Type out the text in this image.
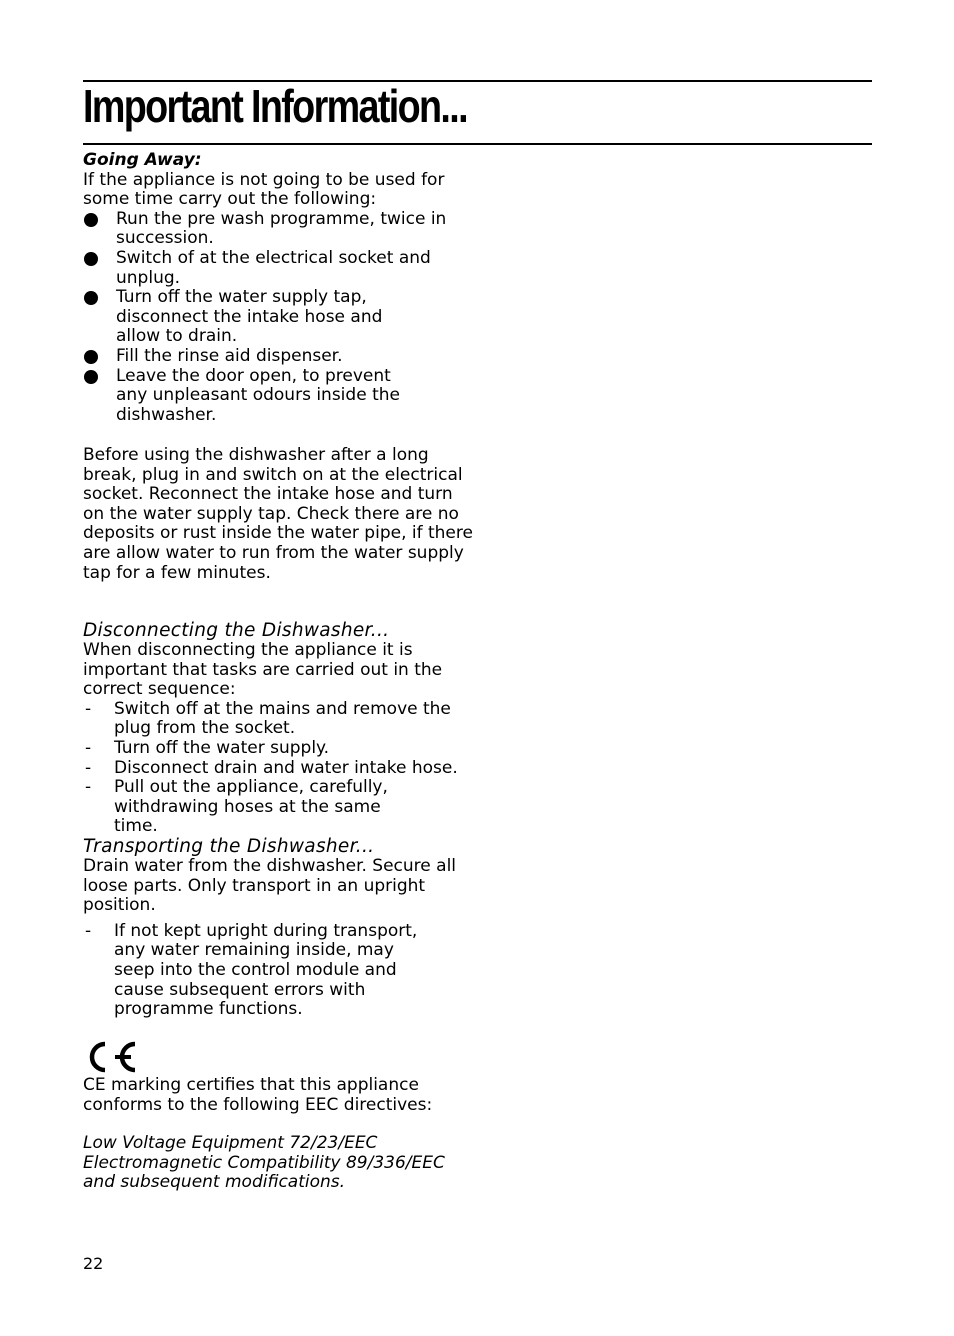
Important Information...

Going Away:

If the appliance is not going to be used for some time carry out the following:

Run the pre wash programme, twice in succession.
Switch of at the electrical socket and unplug.
Turn off the water supply tap, disconnect the intake hose and allow to drain.
Fill the rinse aid dispenser.
Leave the door open, to prevent any unpleasant odours inside the dishwasher.

Before using the dishwasher after a long break, plug in and switch on at the electrical socket. Reconnect the intake hose and turn on the water supply tap. Check there are no deposits or rust inside the water pipe, if there are allow water to run from the water supply tap for a few minutes.

Disconnecting the Dishwasher...

When disconnecting the appliance it is important that tasks are carried out in the correct sequence:

- Switch off at the mains and remove the plug from the socket.
- Turn off the water supply.
- Disconnect drain and water intake hose.
- Pull out the appliance, carefully, withdrawing hoses at the same time.

Transporting the Dishwasher...

Drain water from the dishwasher. Secure all loose parts. Only transport in an upright position.

- If not kept upright during transport, any water remaining inside, may seep into the control module and cause subsequent errors with programme functions.

CE marking certifies that this appliance conforms to the following EEC directives:

Low Voltage Equipment 72/23/EEC

Electromagnetic Compatibility 89/336/EEC

and subsequent modifications.

22
